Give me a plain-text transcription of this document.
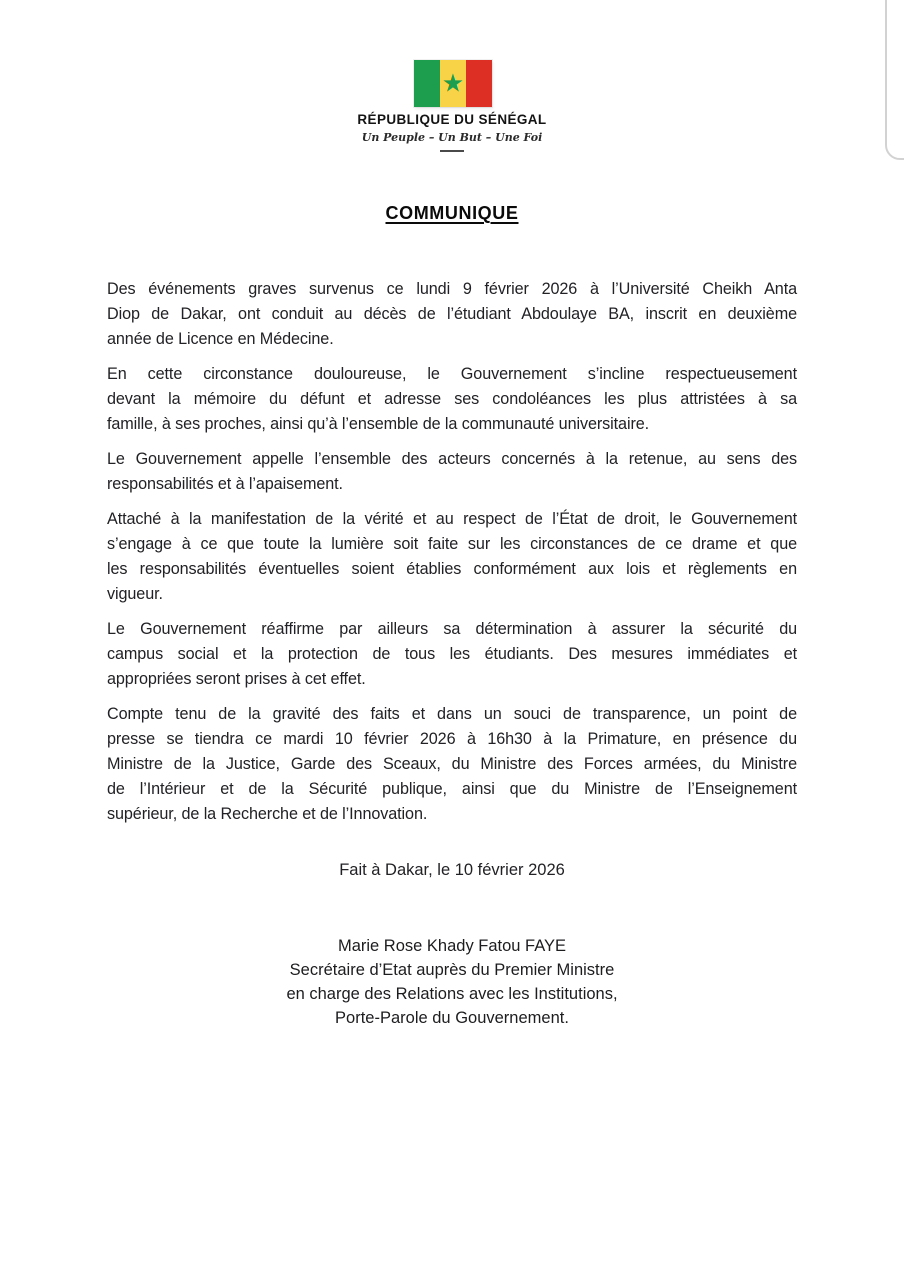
★
RÉPUBLIQUE DU SÉNÉGAL
Un Peuple – Un But – Une Foi
COMMUNIQUE
Des événements graves survenus ce lundi 9 février 2026 à l’Université Cheikh Anta
Diop de Dakar, ont conduit au décès de l’étudiant Abdoulaye BA, inscrit en deuxième
année de Licence en Médecine.
En cette circonstance douloureuse, le Gouvernement s’incline respectueusement
devant la mémoire du défunt et adresse ses condoléances les plus attristées à sa
famille, à ses proches, ainsi qu’à l’ensemble de la communauté universitaire.
Le Gouvernement appelle l’ensemble des acteurs concernés à la retenue, au sens des
responsabilités et à l’apaisement.
Attaché à la manifestation de la vérité et au respect de l’État de droit, le Gouvernement
s’engage à ce que toute la lumière soit faite sur les circonstances de ce drame et que
les responsabilités éventuelles soient établies conformément aux lois et règlements en
vigueur.
Le Gouvernement réaffirme par ailleurs sa détermination à assurer la sécurité du
campus social et la protection de tous les étudiants. Des mesures immédiates et
appropriées seront prises à cet effet.
Compte tenu de la gravité des faits et dans un souci de transparence, un point de
presse se tiendra ce mardi 10 février 2026 à 16h30 à la Primature, en présence du
Ministre de la Justice, Garde des Sceaux, du Ministre des Forces armées, du Ministre
de l’Intérieur et de la Sécurité publique, ainsi que du Ministre de l’Enseignement
supérieur, de la Recherche et de l’Innovation.
Fait à Dakar, le 10 février 2026
Marie Rose Khady Fatou FAYE
Secrétaire d’Etat auprès du Premier Ministre
en charge des Relations avec les Institutions,
Porte-Parole du Gouvernement.
